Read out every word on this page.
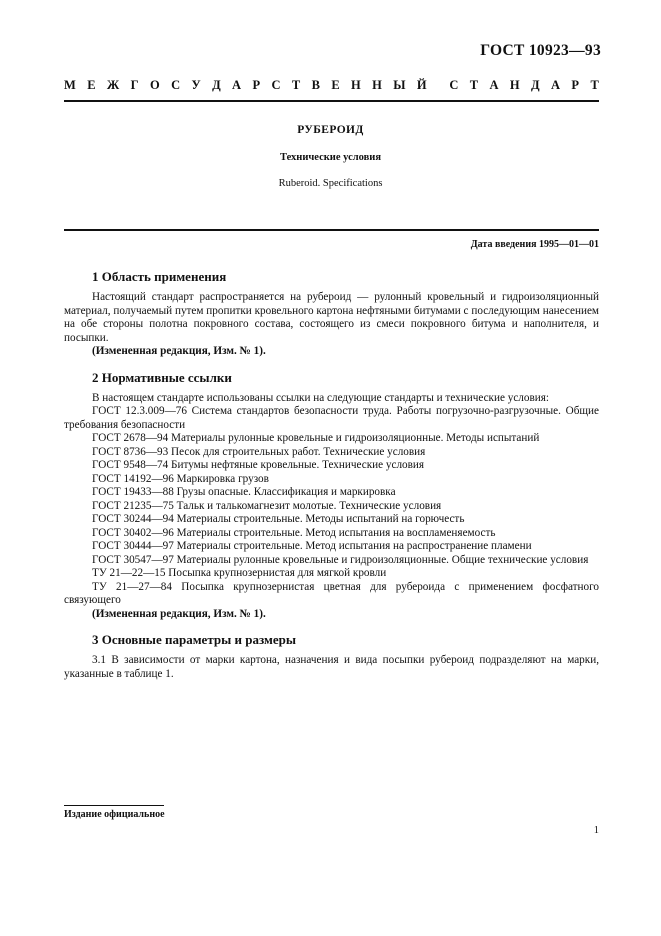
ГОСТ 10923—93
М Е Ж Г О С У Д А Р С Т В Е Н Н Ы Й С Т А Н Д А Р Т
РУБЕРОИД
Технические условия
Ruberoid. Specifications
Дата введения 1995—01—01
1 Область применения

Настоящий стандарт распространяется на рубероид — рулонный кровельный и гидроизоляционный материал, получаемый путем пропитки кровельного картона нефтяными битумами с последующим нанесением на обе стороны полотна покровного состава, состоящего из смеси покровного битума и наполнителя, и посыпки.

(Измененная редакция, Изм. № 1).

2 Нормативные ссылки

В настоящем стандарте использованы ссылки на следующие стандарты и технические условия:

ГОСТ 12.3.009—76 Система стандартов безопасности труда. Работы погрузочно-разгрузочные. Общие требования безопасности

ГОСТ 2678—94 Материалы рулонные кровельные и гидроизоляционные. Методы испытаний

ГОСТ 8736—93 Песок для строительных работ. Технические условия

ГОСТ 9548—74 Битумы нефтяные кровельные. Технические условия

ГОСТ 14192—96 Маркировка грузов

ГОСТ 19433—88 Грузы опасные. Классификация и маркировка

ГОСТ 21235—75 Тальк и талькомагнезит молотые. Технические условия

ГОСТ 30244—94 Материалы строительные. Методы испытаний на горючесть

ГОСТ 30402—96 Материалы строительные. Метод испытания на воспламеняемость

ГОСТ 30444—97 Материалы строительные. Метод испытания на распространение пламени

ГОСТ 30547—97 Материалы рулонные кровельные и гидроизоляционные. Общие технические условия

ТУ 21—22—15 Посыпка крупнозернистая для мягкой кровли

ТУ 21—27—84 Посыпка крупнозернистая цветная для рубероида с применением фосфатного связующего

(Измененная редакция, Изм. № 1).

3 Основные параметры и размеры

3.1 В зависимости от марки картона, назначения и вида посыпки рубероид подразделяют на марки, указанные в таблице 1.

Издание официальное
1
